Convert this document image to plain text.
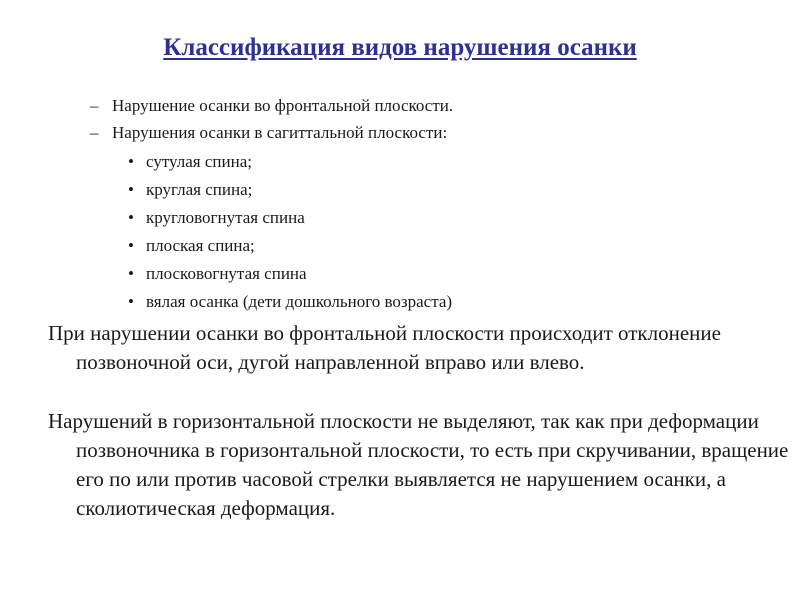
Классификация видов нарушения осанки
– Нарушение осанки во фронтальной плоскости.
– Нарушения осанки в сагиттальной плоскости:
• сутулая спина;
• круглая спина;
• кругловогнутая спина
• плоская спина;
• плосковогнутая спина
• вялая осанка (дети дошкольного возраста)

При нарушении осанки во фронтальной плоскости происходит отклонение позвоночной оси, дугой направленной вправо или влево.

Нарушений в горизонтальной плоскости не выделяют, так как при деформации позвоночника в горизонтальной плоскости, то есть при скручивании, вращение его по или против часовой стрелки выявляется не нарушением осанки, а сколиотическая деформация.
